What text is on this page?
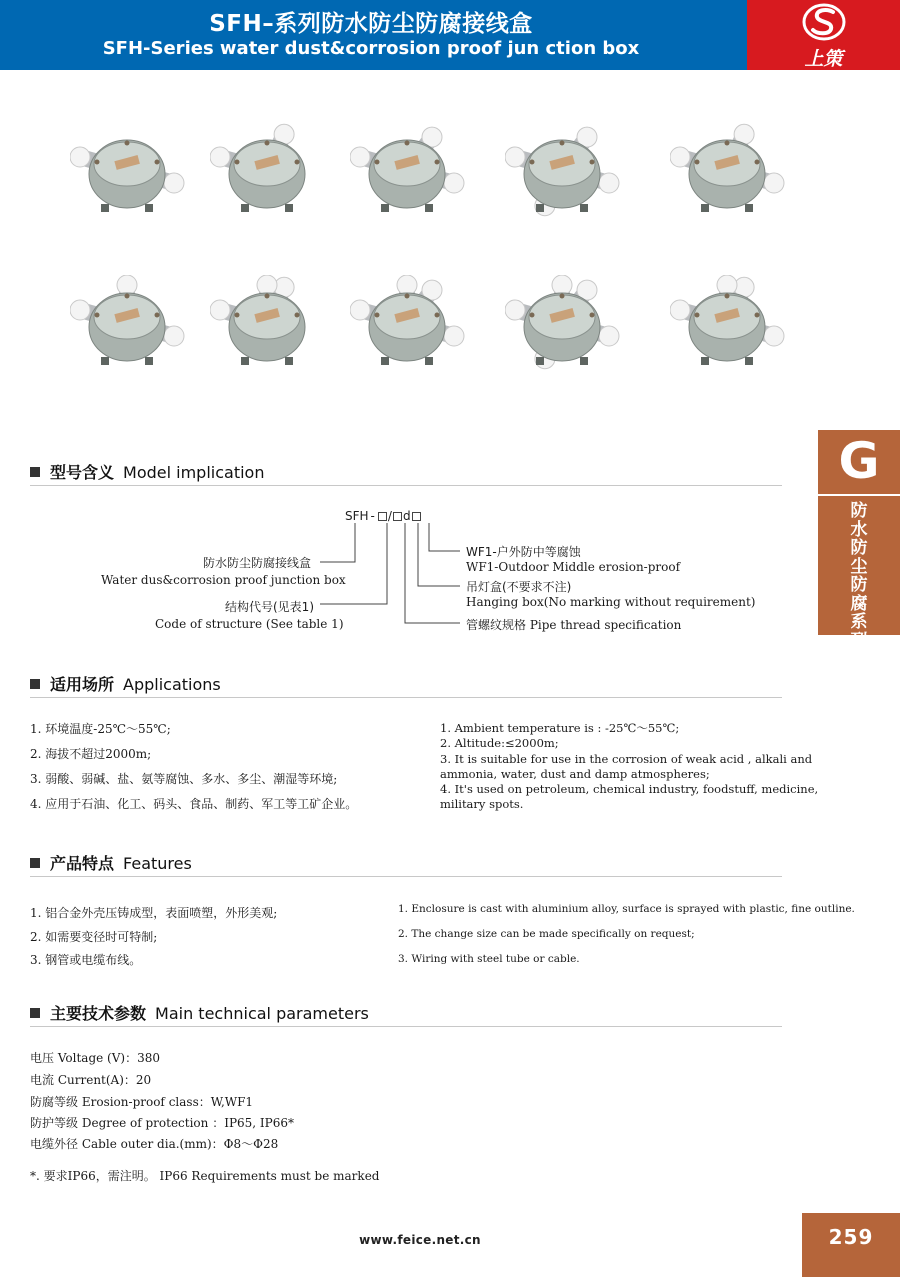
SFH–系列防水防尘防腐接线盒
SFH-Series water dust&corrosion proof jun ction box	上策
G
防水防尘防腐系列
型号含义 Model implication
SFH - / d
防水防尘防腐接线盒
Water dus&corrosion proof junction box
结构代号(见表1)
Code of structure (See table 1)
WF1-户外防中等腐蚀
WF1-Outdoor Middle erosion-proof
吊灯盒(不要求不注)
Hanging box(No marking without requirement)
管螺纹规格 Pipe thread specification
适用场所 Applications
1. 环境温度-25℃～55℃;
2. 海拔不超过2000m;
3. 弱酸、弱碱、盐、氨等腐蚀、多水、多尘、潮湿等环境;
4. 应用于石油、化工、码头、食品、制药、军工等工矿企业。
1. Ambient temperature is : -25℃～55℃;
2. Altitude:≤2000m;
3. It is suitable for use in the corrosion of weak acid , alkali and
ammonia, water, dust and damp atmospheres;
4. It's used on petroleum, chemical industry, foodstuff, medicine,
military spots.
产品特点 Features
1. 铝合金外壳压铸成型，表面喷塑，外形美观;
2. 如需要变径时可特制;
3. 钢管或电缆布线。
1. Enclosure is cast with aluminium alloy, surface is sprayed with plastic, fine outline.
2. The change size can be made specifically on request;
3. Wiring with steel tube or cable.
主要技术参数 Main technical parameters
电压 Voltage (V)：380
电流 Current(A)：20
防腐等级 Erosion-proof class：W,WF1
防护等级 Degree of protection ：IP65, IP66*
电缆外径 Cable outer dia.(mm)：Φ8～Φ28
*. 要求IP66，需注明。 IP66 Requirements must be marked
www.feice.net.cn	259
